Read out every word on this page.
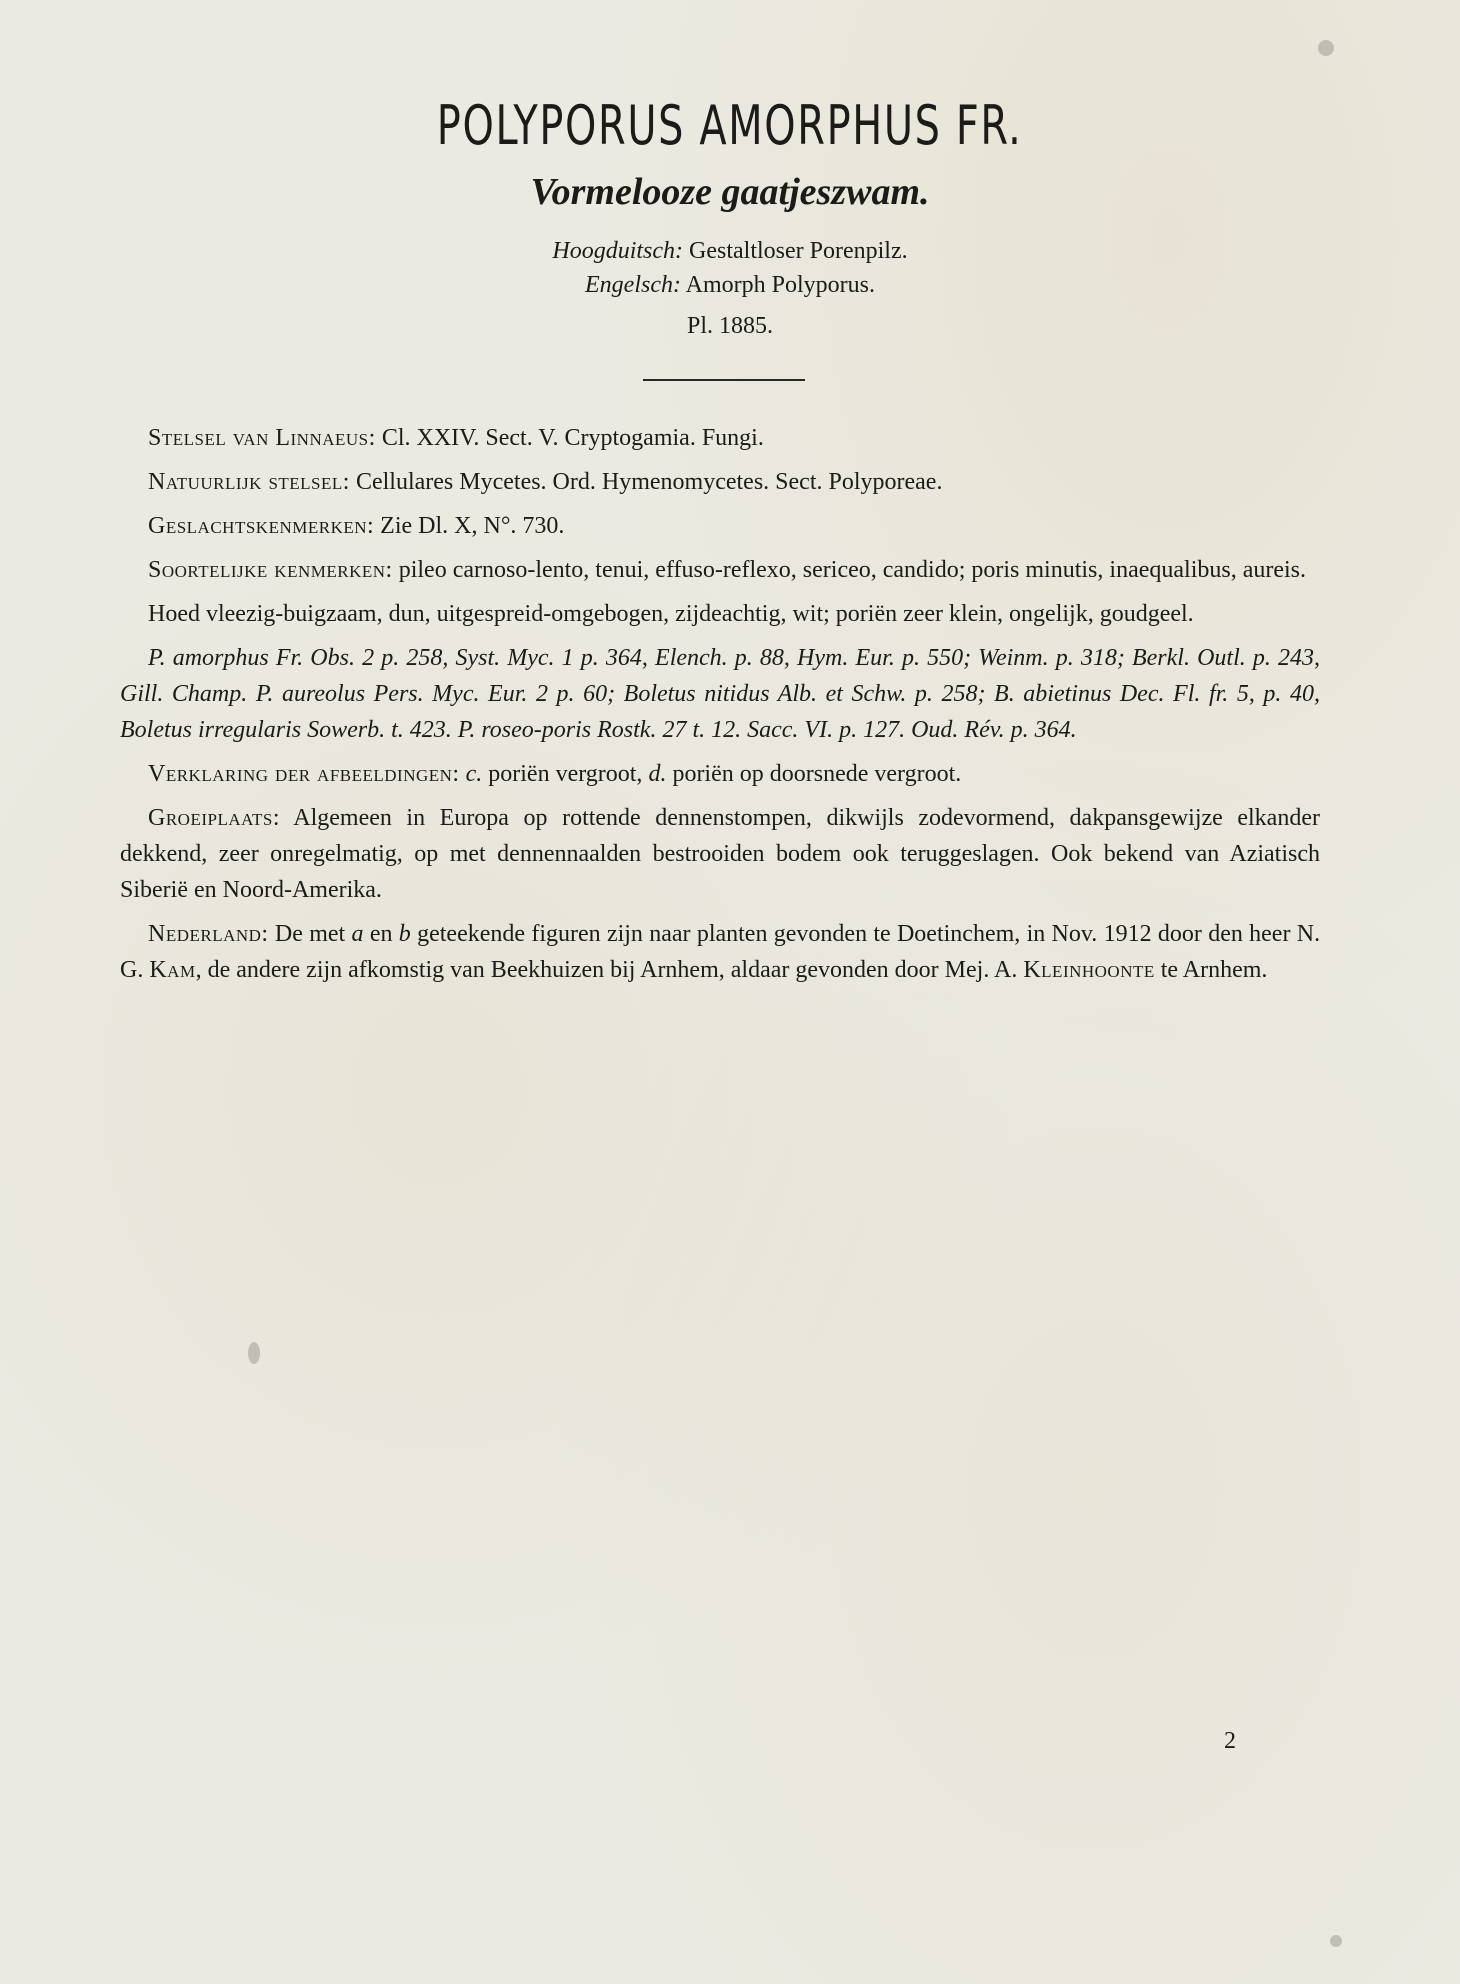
POLYPORUS AMORPHUS FR.
Vormelooze gaatjeszwam.
Hoogduitsch: Gestaltloser Porenpilz.
Engelsch: Amorph Polyporus.
Pl. 1885.

Stelsel van Linnaeus: Cl. XXIV. Sect. V. Cryptogamia. Fungi.

Natuurlijk stelsel: Cellulares Mycetes. Ord. Hymenomycetes. Sect. Polyporeae.

Geslachtskenmerken: Zie Dl. X, N°. 730.

Soortelijke kenmerken: pileo carnoso-lento, tenui, effuso-reflexo, sericeo, candido; poris minutis, inaequalibus, aureis.

Hoed vleezig-buigzaam, dun, uitgespreid-omgebogen, zijdeachtig, wit; poriën zeer klein, ongelijk, goudgeel.

P. amorphus Fr. Obs. 2 p. 258, Syst. Myc. 1 p. 364, Elench. p. 88, Hym. Eur. p. 550; Weinm. p. 318; Berkl. Outl. p. 243, Gill. Champ. P. aureolus Pers. Myc. Eur. 2 p. 60; Boletus nitidus Alb. et Schw. p. 258; B. abietinus Dec. Fl. fr. 5, p. 40, Boletus irregularis Sowerb. t. 423. P. roseo-poris Rostk. 27 t. 12. Sacc. VI. p. 127. Oud. Rév. p. 364.

Verklaring der afbeeldingen: c. poriën vergroot, d. poriën op doorsnede vergroot.

Groeiplaats: Algemeen in Europa op rottende dennenstompen, dikwijls zodevormend, dakpansgewijze elkander dekkend, zeer onregelmatig, op met dennennaalden bestrooiden bodem ook teruggeslagen. Ook bekend van Aziatisch Siberië en Noord-Amerika.

Nederland: De met a en b geteekende figuren zijn naar planten gevonden te Doetinchem, in Nov. 1912 door den heer N. G. Kam, de andere zijn afkomstig van Beekhuizen bij Arnhem, aldaar gevonden door Mej. A. Kleinhoonte te Arnhem.

2
